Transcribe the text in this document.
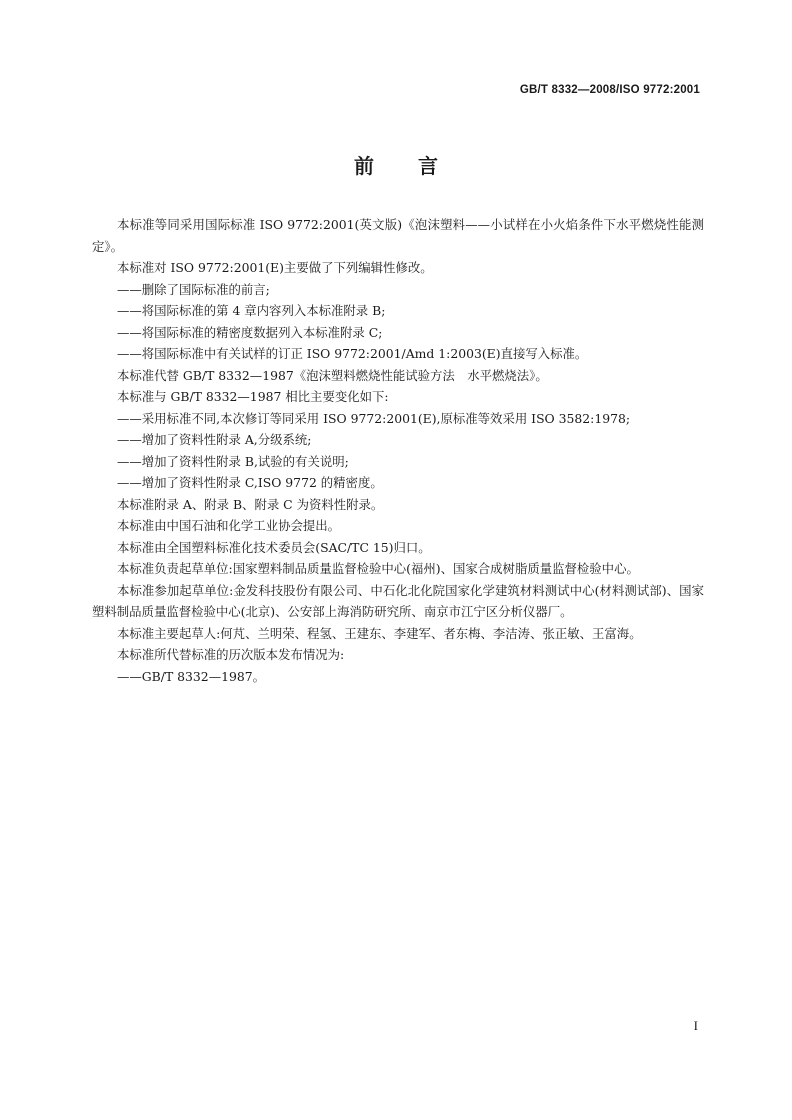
GB/T 8332—2008/ISO 9772:2001
前言

本标准等同采用国际标准 ISO 9772:2001(英文版)《泡沫塑料——小试样在小火焰条件下水平燃烧性能测定》。

本标准对 ISO 9772:2001(E)主要做了下列编辑性修改。

——删除了国际标准的前言;

——将国际标准的第 4 章内容列入本标准附录 B;

——将国际标准的精密度数据列入本标准附录 C;

——将国际标准中有关试样的订正 ISO 9772:2001/Amd 1:2003(E)直接写入标准。

本标准代替 GB/T 8332—1987《泡沫塑料燃烧性能试验方法　水平燃烧法》。

本标准与 GB/T 8332—1987 相比主要变化如下:

——采用标准不同,本次修订等同采用 ISO 9772:2001(E),原标准等效采用 ISO 3582:1978;

——增加了资料性附录 A,分级系统;

——增加了资料性附录 B,试验的有关说明;

——增加了资料性附录 C,ISO 9772 的精密度。

本标准附录 A、附录 B、附录 C 为资料性附录。

本标准由中国石油和化学工业协会提出。

本标准由全国塑料标准化技术委员会(SAC/TC 15)归口。

本标准负责起草单位:国家塑料制品质量监督检验中心(福州)、国家合成树脂质量监督检验中心。

本标准参加起草单位:金发科技股份有限公司、中石化北化院国家化学建筑材料测试中心(材料测试部)、国家塑料制品质量监督检验中心(北京)、公安部上海消防研究所、南京市江宁区分析仪器厂。

本标准主要起草人:何芃、兰明荣、程氢、王建东、李建军、者东梅、李洁涛、张正敏、王富海。

本标准所代替标准的历次版本发布情况为:

——GB/T 8332—1987。

I
